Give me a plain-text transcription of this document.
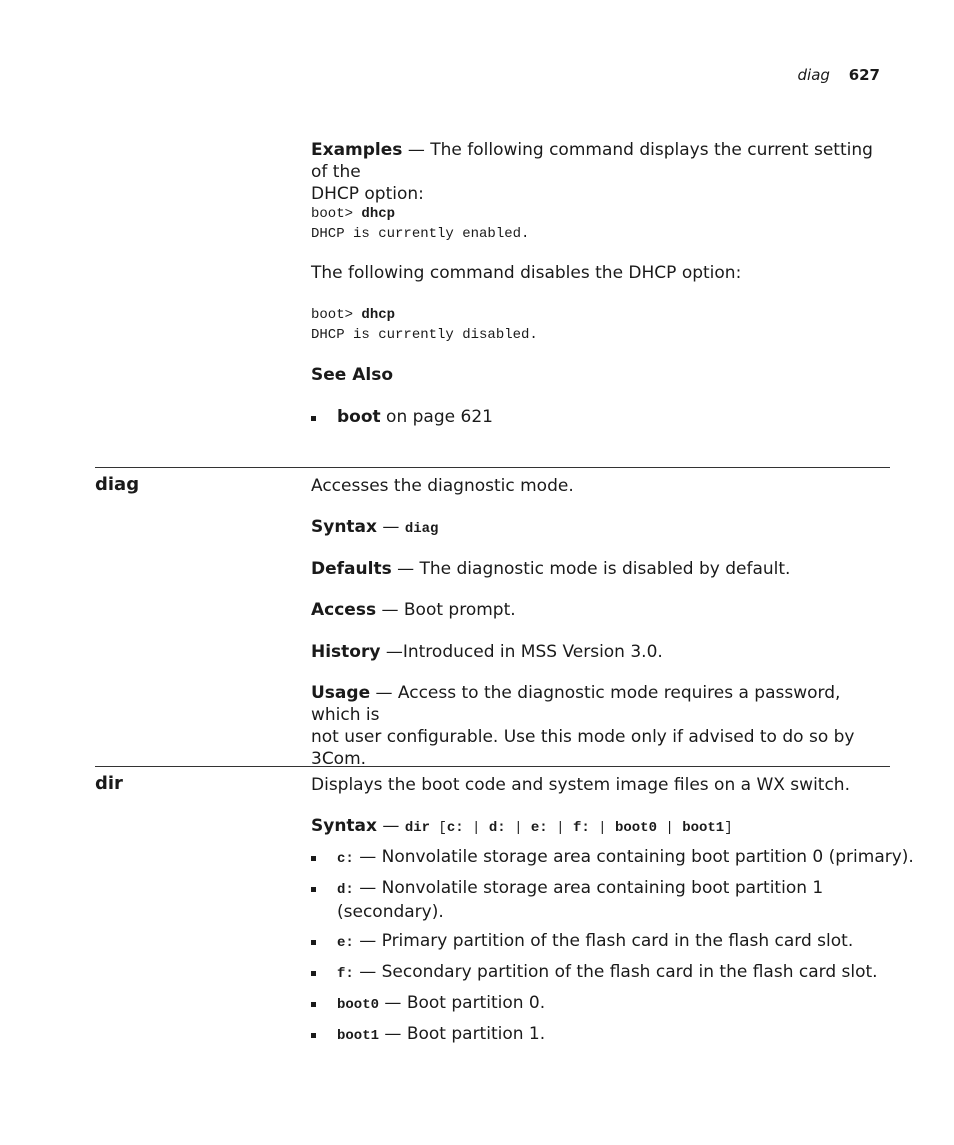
diag 627
Examples — The following command displays the current setting of the
DHCP option:
boot> dhcp
DHCP is currently enabled.
The following command disables the DHCP option:
boot> dhcp
DHCP is currently disabled.
See Also
boot on page 621
diag	Accesses the diagnostic mode.
Syntax — diag
Defaults — The diagnostic mode is disabled by default.
Access — Boot prompt.
History —Introduced in MSS Version 3.0.
Usage — Access to the diagnostic mode requires a password, which is
not user configurable. Use this mode only if advised to do so by 3Com.
dir	Displays the boot code and system image files on a WX switch.
Syntax — dir [c: | d: | e: | f: | boot0 | boot1]
c: — Nonvolatile storage area containing boot partition 0 (primary).
d: — Nonvolatile storage area containing boot partition 1
(secondary).
e: — Primary partition of the flash card in the flash card slot.
f: — Secondary partition of the flash card in the flash card slot.
boot0 — Boot partition 0.
boot1 — Boot partition 1.
